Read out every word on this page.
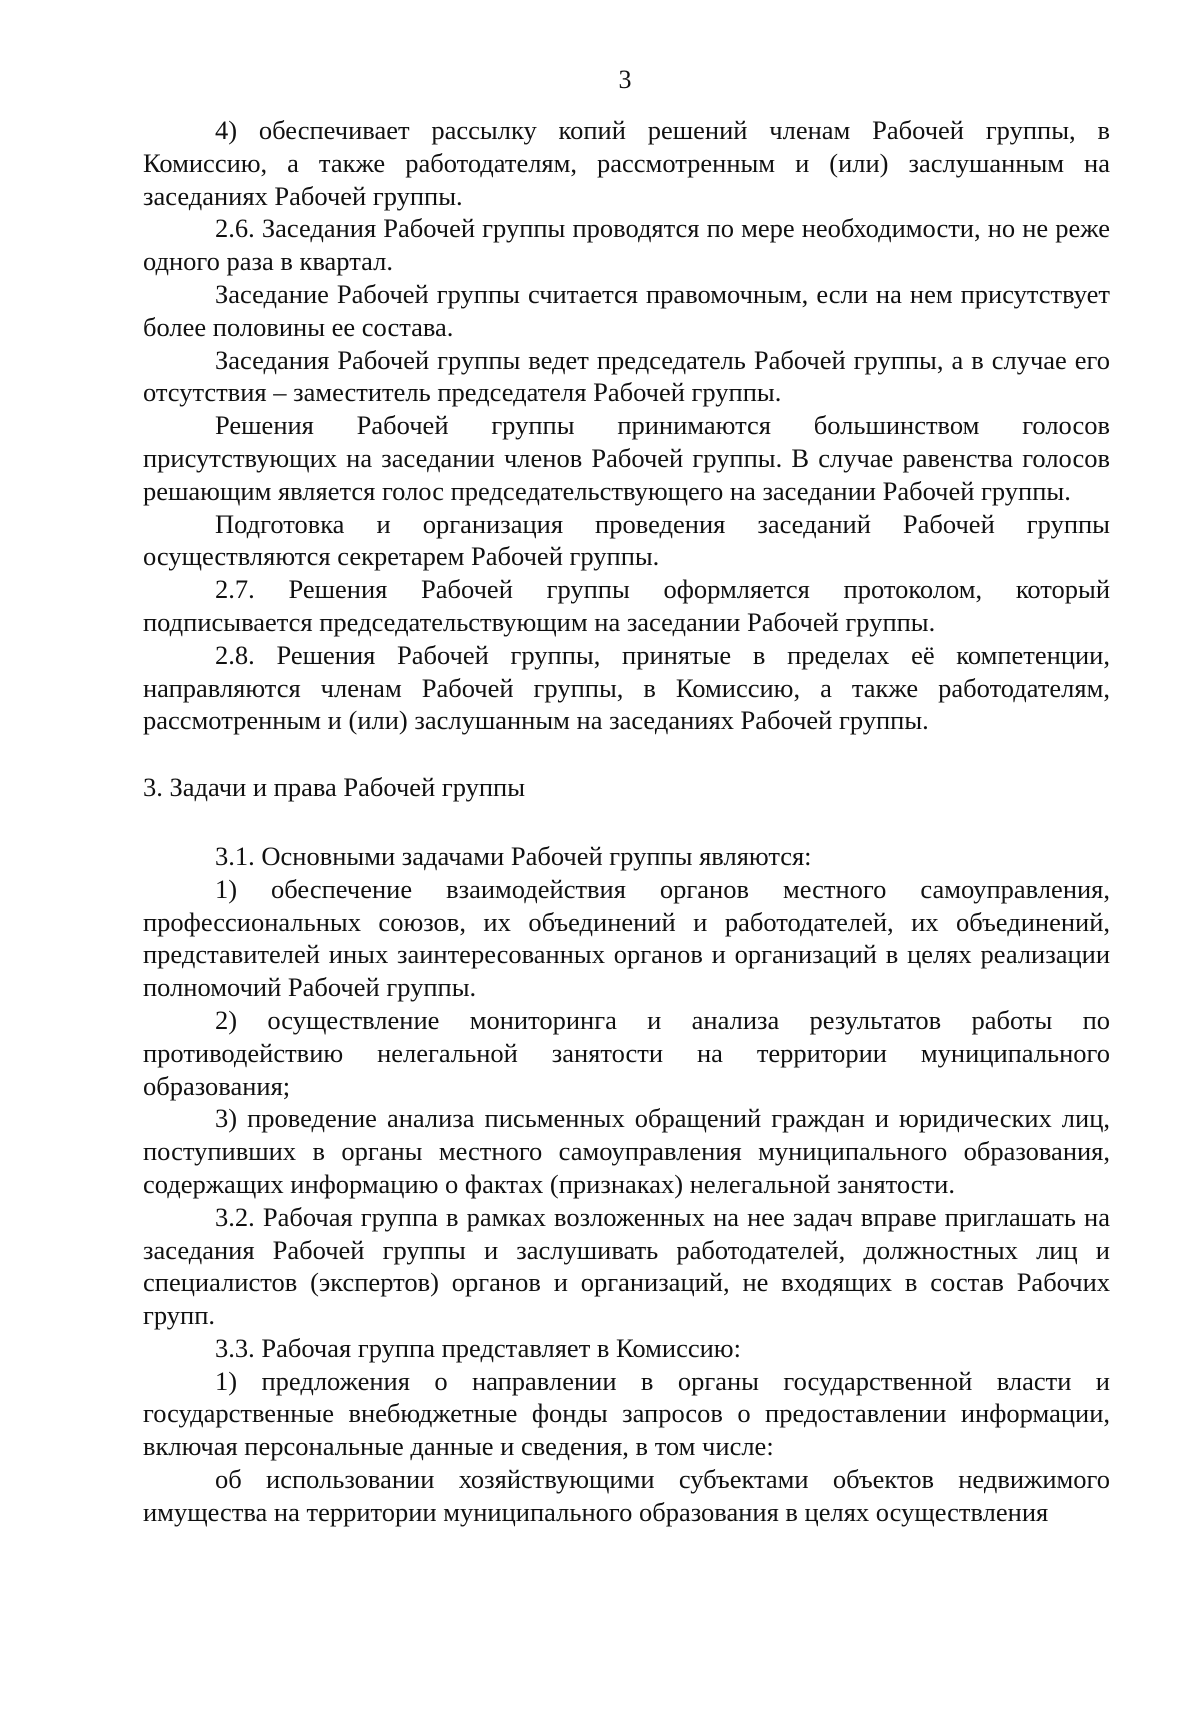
3

4) обеспечивает рассылку копий решений членам Рабочей группы, в Комиссию, а также работодателям, рассмотренным и (или) заслушанным на заседаниях Рабочей группы.

2.6. Заседания Рабочей группы проводятся по мере необходимости, но не реже одного раза в квартал.

Заседание Рабочей группы считается правомочным, если на нем присутствует более половины ее состава.

Заседания Рабочей группы ведет председатель Рабочей группы, а в случае его отсутствия – заместитель председателя Рабочей группы.

Решения Рабочей группы принимаются большинством голосов присутствующих на заседании членов Рабочей группы. В случае равенства голосов решающим является голос председательствующего на заседании Рабочей группы.

Подготовка и организация проведения заседаний Рабочей группы осуществляются секретарем Рабочей группы.

2.7. Решения Рабочей группы оформляется протоколом, который подписывается председательствующим на заседании Рабочей группы.

2.8. Решения Рабочей группы, принятые в пределах её компетенции, направляются членам Рабочей группы, в Комиссию, а также работодателям, рассмотренным и (или) заслушанным на заседаниях Рабочей группы.

3. Задачи и права Рабочей группы

3.1. Основными задачами Рабочей группы являются:

1) обеспечение взаимодействия органов местного самоуправления, профессиональных союзов, их объединений и работодателей, их объединений, представителей иных заинтересованных органов и организаций в целях реализации полномочий Рабочей группы.

2) осуществление мониторинга и анализа результатов работы по противодействию нелегальной занятости на территории муниципального образования;

3) проведение анализа письменных обращений граждан и юридических лиц, поступивших в органы местного самоуправления муниципального образования, содержащих информацию о фактах (признаках) нелегальной занятости.

3.2. Рабочая группа в рамках возложенных на нее задач вправе приглашать на заседания Рабочей группы и заслушивать работодателей, должностных лиц и специалистов (экспертов) органов и организаций, не входящих в состав Рабочих групп.

3.3. Рабочая группа представляет в Комиссию:

1) предложения о направлении в органы государственной власти и государственные внебюджетные фонды запросов о предоставлении информации, включая персональные данные и сведения, в том числе:

об использовании хозяйствующими субъектами объектов недвижимого имущества на территории муниципального образования в целях осуществления
